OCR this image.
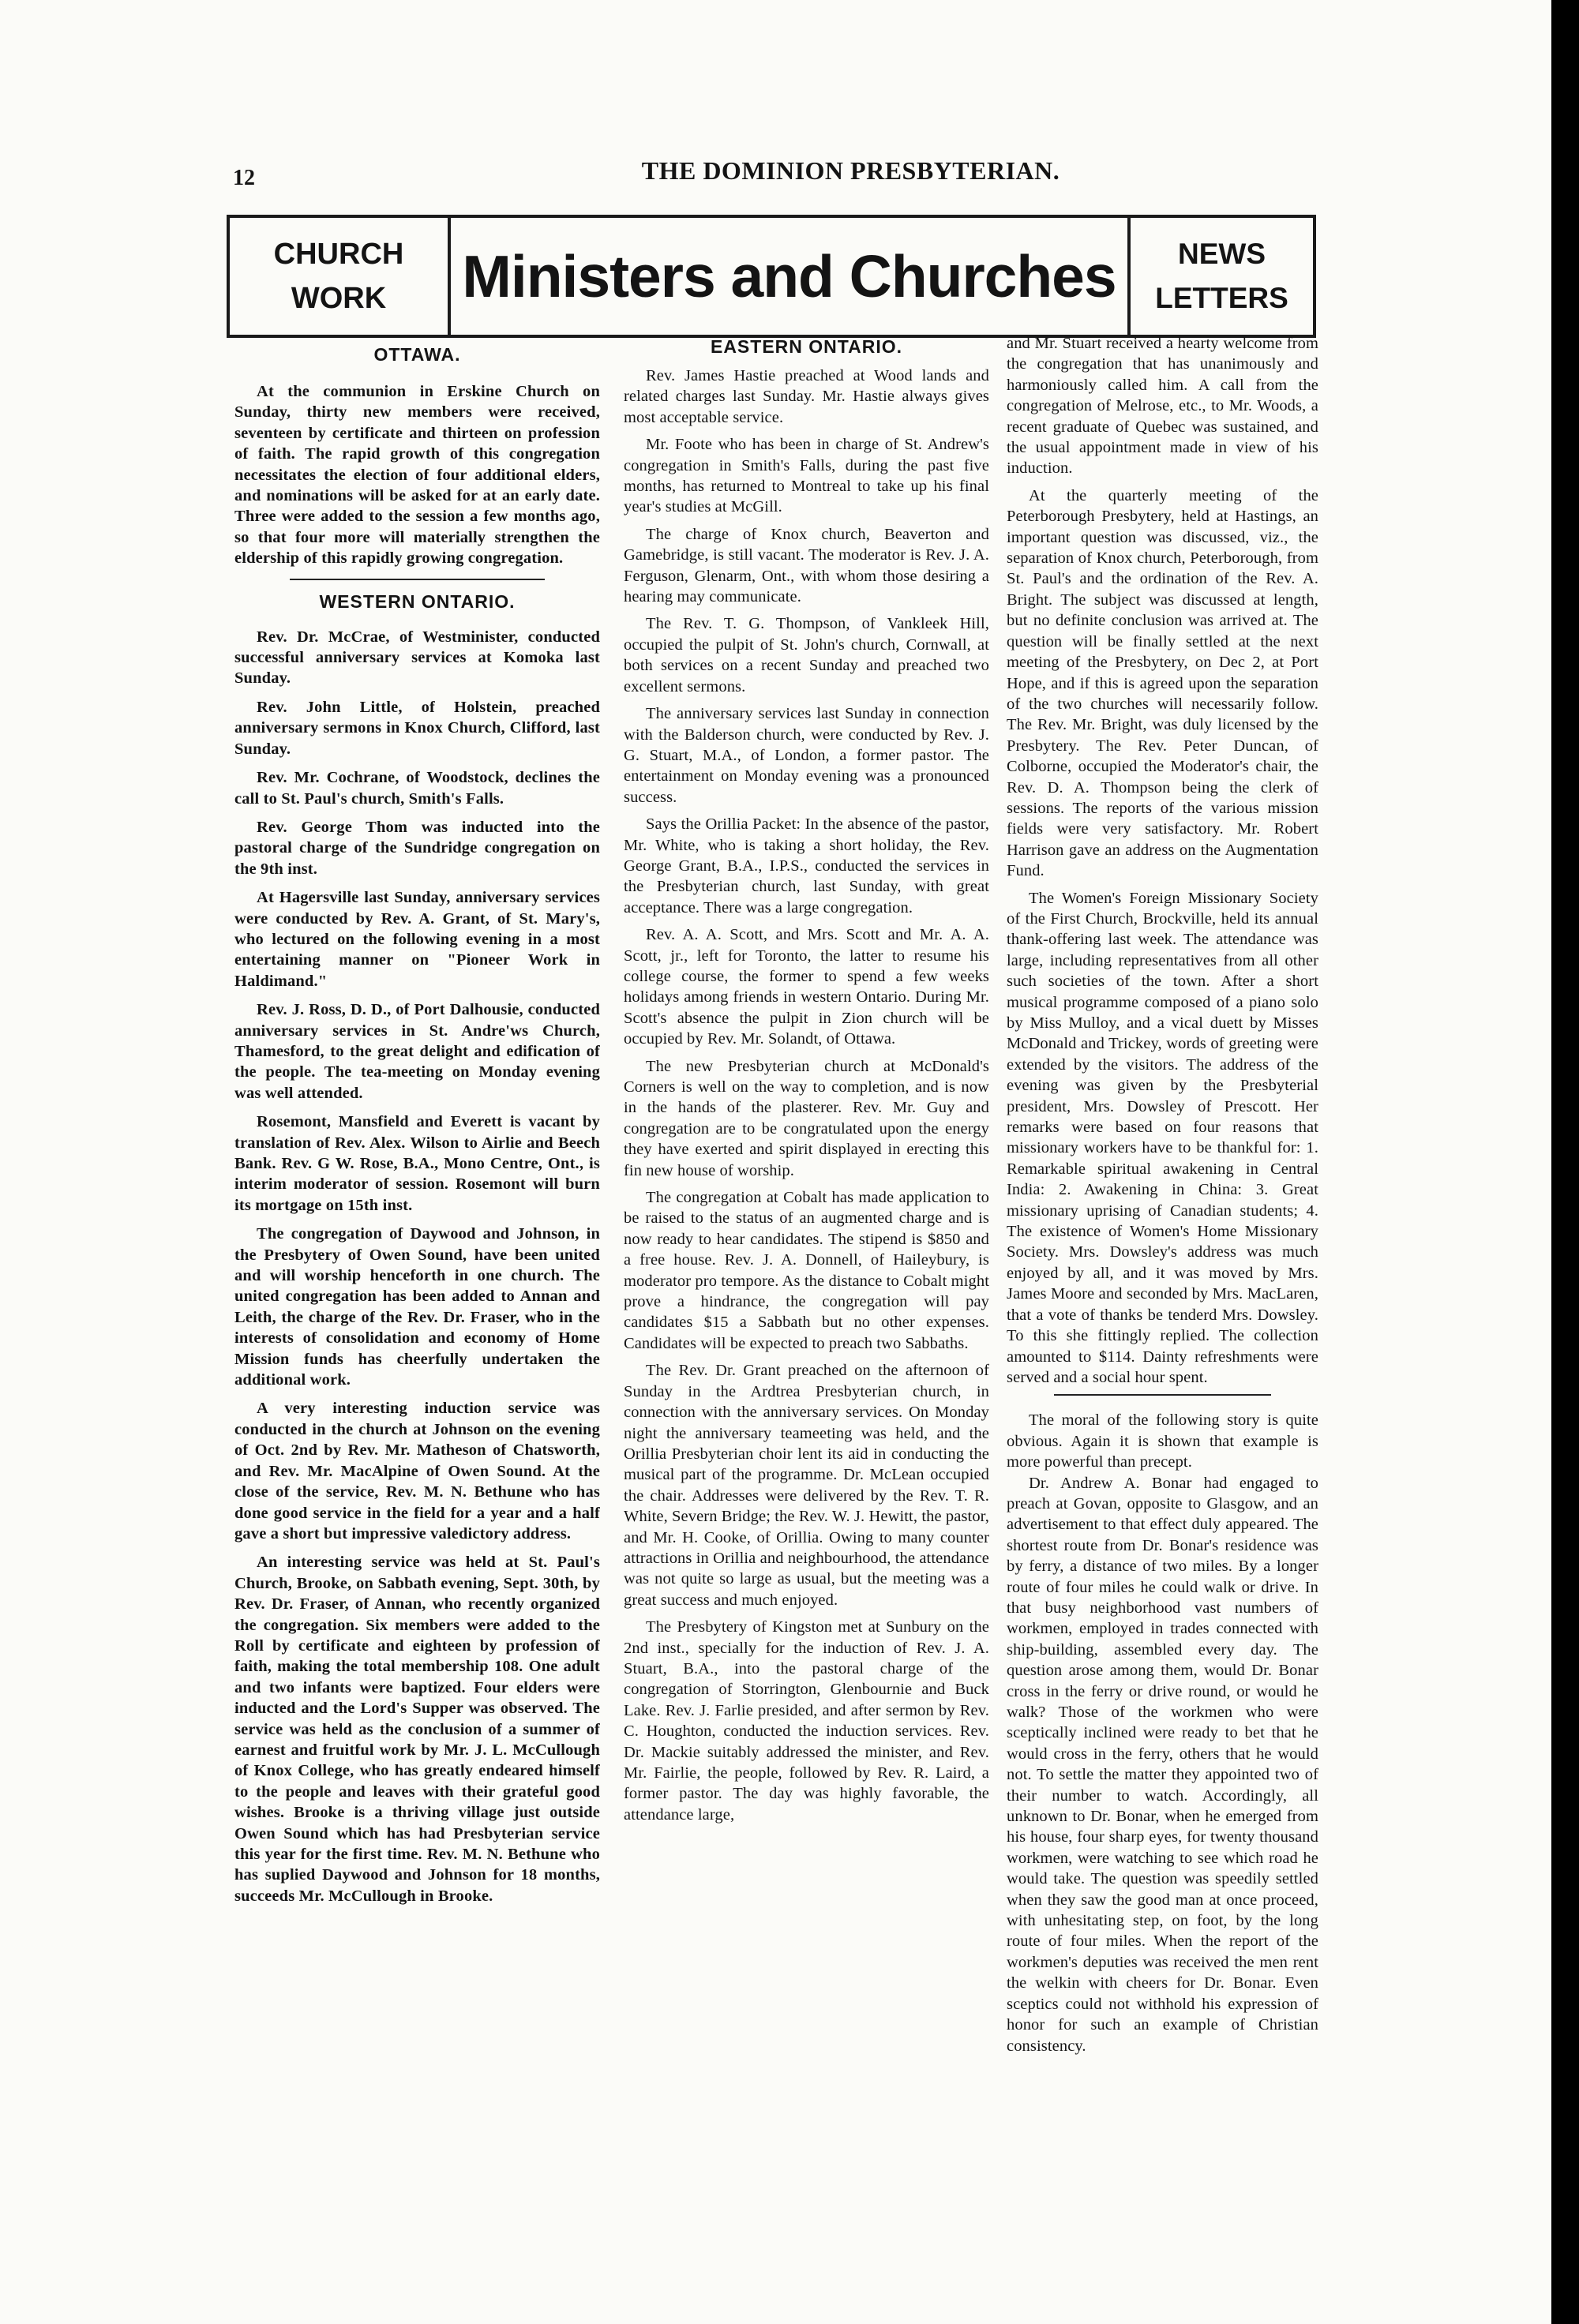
12	THE DOMINION PRESBYTERIAN.
CHURCH
WORK Ministers and Churches	NEWS
LETTERS
OTTAWA.

At the communion in Erskine Church on Sunday, thirty new members were received, seventeen by certificate and thirteen on profession of faith. The rapid growth of this congregation necessitates the election of four additional elders, and nominations will be asked for at an early date. Three were added to the session a few months ago, so that four more will materially strengthen the eldership of this rapidly growing congregation.

WESTERN ONTARIO.

Rev. Dr. McCrae, of Westminister, conducted successful anniversary services at Komoka last Sunday.

Rev. John Little, of Holstein, preached anniversary sermons in Knox Church, Clifford, last Sunday.

Rev. Mr. Cochrane, of Woodstock, declines the call to St. Paul's church, Smith's Falls.

Rev. George Thom was inducted into the pastoral charge of the Sundridge congregation on the 9th inst.

At Hagersville last Sunday, anniversary services were conducted by Rev. A. Grant, of St. Mary's, who lectured on the following evening in a most entertaining manner on "Pioneer Work in Haldimand."

Rev. J. Ross, D. D., of Port Dalhousie, conducted anniversary services in St. Andre'ws Church, Thamesford, to the great delight and edification of the people. The tea-meeting on Monday evening was well attended.

Rosemont, Mansfield and Everett is vacant by translation of Rev. Alex. Wilson to Airlie and Beech Bank. Rev. G W. Rose, B.A., Mono Centre, Ont., is interim moderator of session. Rosemont will burn its mortgage on 15th inst.

The congregation of Daywood and Johnson, in the Presbytery of Owen Sound, have been united and will worship henceforth in one church. The united congregation has been added to Annan and Leith, the charge of the Rev. Dr. Fraser, who in the interests of consolidation and economy of Home Mission funds has cheerfully undertaken the additional work.

A very interesting induction service was conducted in the church at Johnson on the evening of Oct. 2nd by Rev. Mr. Matheson of Chatsworth, and Rev. Mr. MacAlpine of Owen Sound. At the close of the service, Rev. M. N. Bethune who has done good service in the field for a year and a half gave a short but impressive valedictory address.

An interesting service was held at St. Paul's Church, Brooke, on Sabbath evening, Sept. 30th, by Rev. Dr. Fraser, of Annan, who recently organized the congregation. Six members were added to the Roll by certificate and eighteen by profession of faith, making the total membership 108. One adult and two infants were baptized. Four elders were inducted and the Lord's Supper was observed. The service was held as the conclusion of a summer of earnest and fruitful work by Mr. J. L. McCullough of Knox College, who has greatly endeared himself to the people and leaves with their grateful good wishes. Brooke is a thriving village just outside Owen Sound which has had Presbyterian service this year for the first time. Rev. M. N. Bethune who has suplied Daywood and Johnson for 18 months, succeeds Mr. McCullough in Brooke.

EASTERN ONTARIO.

Rev. James Hastie preached at Wood lands and related charges last Sunday. Mr. Hastie always gives most acceptable service.

Mr. Foote who has been in charge of St. Andrew's congregation in Smith's Falls, during the past five months, has returned to Montreal to take up his final year's studies at McGill.

The charge of Knox church, Beaverton and Gamebridge, is still vacant. The moderator is Rev. J. A. Ferguson, Glenarm, Ont., with whom those desiring a hearing may communicate.

The Rev. T. G. Thompson, of Vankleek Hill, occupied the pulpit of St. John's church, Cornwall, at both services on a recent Sunday and preached two excellent sermons.

The anniversary services last Sunday in connection with the Balderson church, were conducted by Rev. J. G. Stuart, M.A., of London, a former pastor. The entertainment on Monday evening was a pronounced success.

Says the Orillia Packet: In the absence of the pastor, Mr. White, who is taking a short holiday, the Rev. George Grant, B.A., I.P.S., conducted the services in the Presbyterian church, last Sunday, with great acceptance. There was a large congregation.

Rev. A. A. Scott, and Mrs. Scott and Mr. A. A. Scott, jr., left for Toronto, the latter to resume his college course, the former to spend a few weeks holidays among friends in western Ontario. During Mr. Scott's absence the pulpit in Zion church will be occupied by Rev. Mr. Solandt, of Ottawa.

The new Presbyterian church at McDonald's Corners is well on the way to completion, and is now in the hands of the plasterer. Rev. Mr. Guy and congregation are to be congratulated upon the energy they have exerted and spirit displayed in erecting this fin new house of worship.

The congregation at Cobalt has made application to be raised to the status of an augmented charge and is now ready to hear candidates. The stipend is $850 and a free house. Rev. J. A. Donnell, of Haileybury, is moderator pro tempore. As the distance to Cobalt might prove a hindrance, the congregation will pay candidates $15 a Sabbath but no other expenses. Candidates will be expected to preach two Sabbaths.

The Rev. Dr. Grant preached on the afternoon of Sunday in the Ardtrea Presbyterian church, in connection with the anniversary services. On Monday night the anniversary teameeting was held, and the Orillia Presbyterian choir lent its aid in conducting the musical part of the programme. Dr. McLean occupied the chair. Addresses were delivered by the Rev. T. R. White, Severn Bridge; the Rev. W. J. Hewitt, the pastor, and Mr. H. Cooke, of Orillia. Owing to many counter attractions in Orillia and neighbourhood, the attendance was not quite so large as usual, but the meeting was a great success and much enjoyed.

The Presbytery of Kingston met at Sunbury on the 2nd inst., specially for the induction of Rev. J. A. Stuart, B.A., into the pastoral charge of the congregation of Storrington, Glenbournie and Buck Lake. Rev. J. Farlie presided, and after sermon by Rev. C. Houghton, conducted the induction services. Rev. Dr. Mackie suitably addressed the minister, and Rev. Mr. Fairlie, the people, followed by Rev. R. Laird, a former pastor. The day was highly favorable, the attendance large,

and Mr. Stuart received a hearty welcome from the congregation that has unanimously and harmoniously called him. A call from the congregation of Melrose, etc., to Mr. Woods, a recent graduate of Quebec was sustained, and the usual appointment made in view of his induction.

At the quarterly meeting of the Peterborough Presbytery, held at Hastings, an important question was discussed, viz., the separation of Knox church, Peterborough, from St. Paul's and the ordination of the Rev. A. Bright. The subject was discussed at length, but no definite conclusion was arrived at. The question will be finally settled at the next meeting of the Presbytery, on Dec 2, at Port Hope, and if this is agreed upon the separation of the two churches will necessarily follow. The Rev. Mr. Bright, was duly licensed by the Presbytery. The Rev. Peter Duncan, of Colborne, occupied the Moderator's chair, the Rev. D. A. Thompson being the clerk of sessions. The reports of the various mission fields were very satisfactory. Mr. Robert Harrison gave an address on the Augmentation Fund.

The Women's Foreign Missionary Society of the First Church, Brockville, held its annual thank-offering last week. The attendance was large, including representatives from all other such societies of the town. After a short musical programme composed of a piano solo by Miss Mulloy, and a vical duett by Misses McDonald and Trickey, words of greeting were extended by the visitors. The address of the evening was given by the Presbyterial president, Mrs. Dowsley of Prescott. Her remarks were based on four reasons that missionary workers have to be thankful for: 1. Remarkable spiritual awakening in Central India: 2. Awakening in China: 3. Great missionary uprising of Canadian students; 4. The existence of Women's Home Missionary Society. Mrs. Dowsley's address was much enjoyed by all, and it was moved by Mrs. James Moore and seconded by Mrs. MacLaren, that a vote of thanks be tenderd Mrs. Dowsley. To this she fittingly replied. The collection amounted to $114. Dainty refreshments were served and a social hour spent.

The moral of the following story is quite obvious. Again it is shown that example is more powerful than precept.

Dr. Andrew A. Bonar had engaged to preach at Govan, opposite to Glasgow, and an advertisement to that effect duly appeared. The shortest route from Dr. Bonar's residence was by ferry, a distance of two miles. By a longer route of four miles he could walk or drive. In that busy neighborhood vast numbers of workmen, employed in trades connected with ship-building, assembled every day. The question arose among them, would Dr. Bonar cross in the ferry or drive round, or would he walk? Those of the workmen who were sceptically inclined were ready to bet that he would cross in the ferry, others that he would not. To settle the matter they appointed two of their number to watch. Accordingly, all unknown to Dr. Bonar, when he emerged from his house, four sharp eyes, for twenty thousand workmen, were watching to see which road he would take. The question was speedily settled when they saw the good man at once proceed, with unhesitating step, on foot, by the long route of four miles. When the report of the workmen's deputies was received the men rent the welkin with cheers for Dr. Bonar. Even sceptics could not withhold his expression of honor for such an example of Christian consistency.
